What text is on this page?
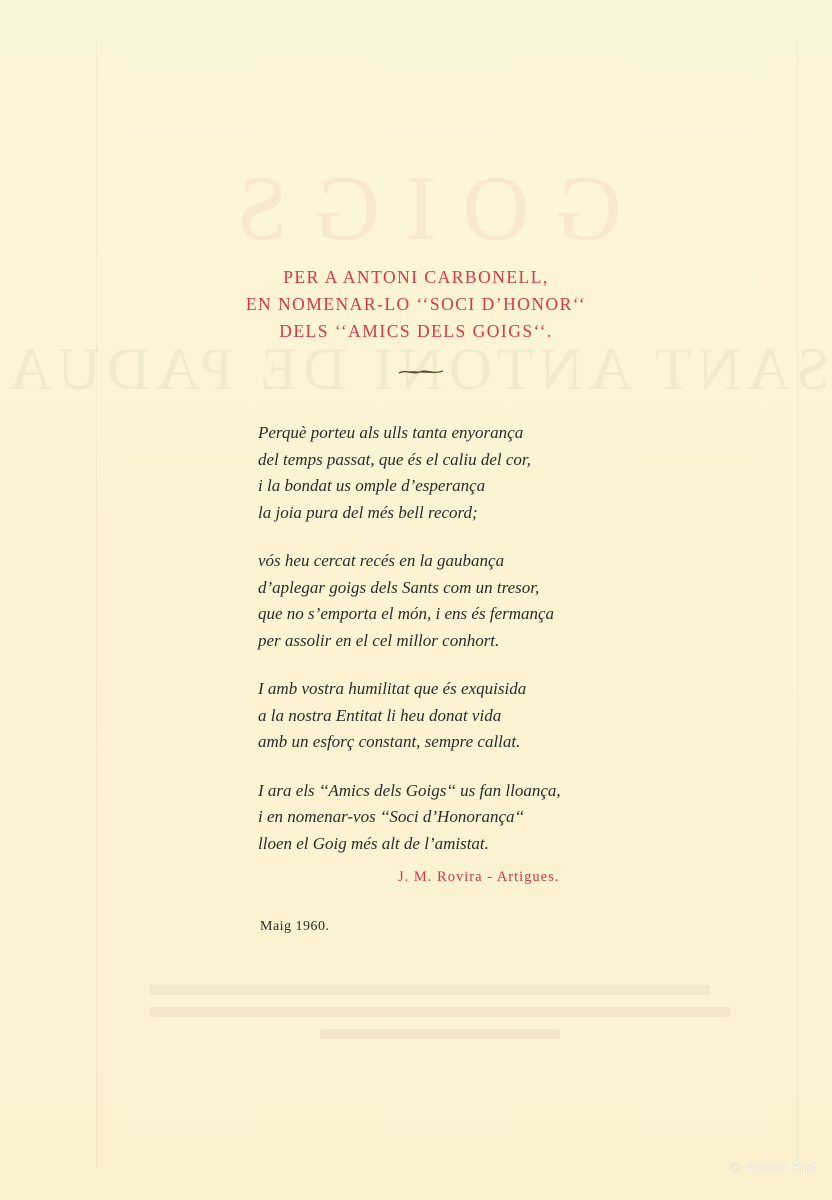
GOIGS
SANT ANTONI DE PADUA
PER A ANTONI CARBONELL,
EN NOMENAR-LO ‘‘SOCI D’HONOR‘‘
DELS ‘‘AMICS DELS GOIGS‘‘.
Perquè porteu als ulls tanta enyorança
del temps passat, que és el caliu del cor,
i la bondat us omple d’esperança
la joia pura del més bell record;
vós heu cercat recés en la gaubança
d’aplegar goigs dels Sants com un tresor,
que no s’emporta el món, i ens és fermança
per assolir en el cel millor conhort.
I amb vostra humilitat que és exquisida
a la nostra Entitat li heu donat vida
amb un esforç constant, sempre callat.
I ara els ‘‘Amics dels Goigs‘‘ us fan lloança,
i en nomenar-vos ‘‘Soci d’Honorança‘‘
lloen el Goig més alt de l’amistat.
J. M. Rovira - Artigues.
Maig 1960.
© Antoni Prat
